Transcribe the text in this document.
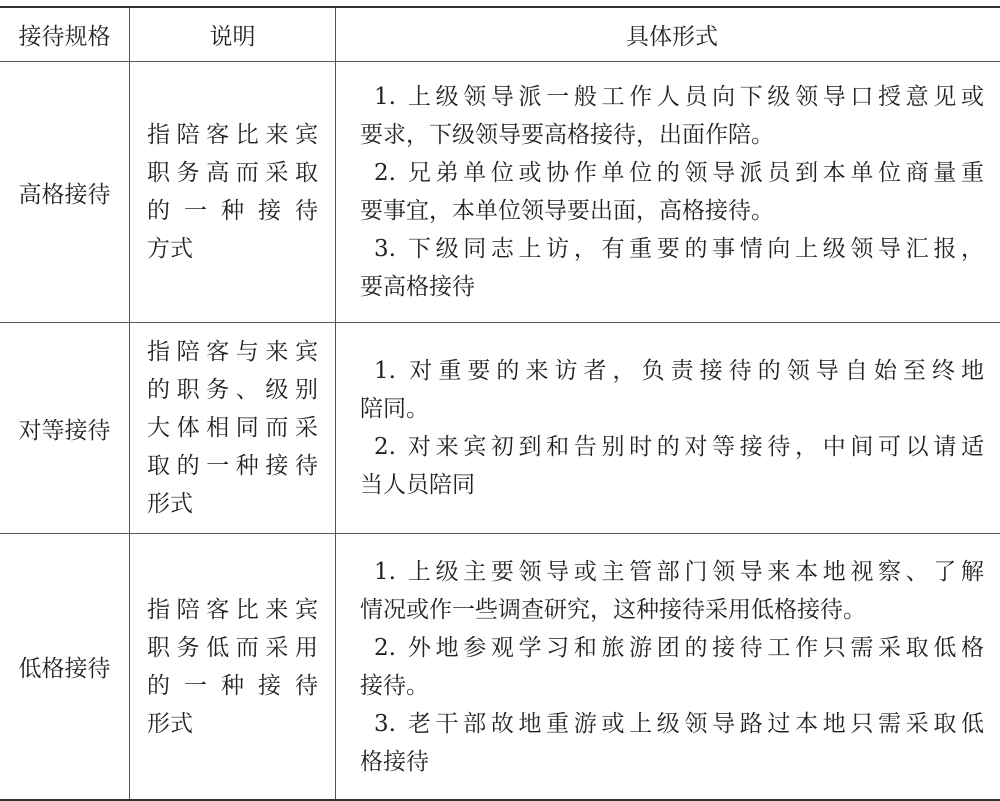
接待规格	说明	具体形式
高格接待
指陪客比来宾
职务高而采取
的一种接待
方式
1. 上级领导派一般工作人员向下级领导口授意见或
要求，下级领导要高格接待，出面作陪。
2. 兄弟单位或协作单位的领导派员到本单位商量重
要事宜，本单位领导要出面，高格接待。
3. 下级同志上访，有重要的事情向上级领导汇报，
要高格接待
对等接待
指陪客与来宾
的职务、级别
大体相同而采
取的一种接待
形式
1. 对重要的来访者，负责接待的领导自始至终地
陪同。
2. 对来宾初到和告别时的对等接待，中间可以请适
当人员陪同
低格接待
指陪客比来宾
职务低而采用
的一种接待
形式
1. 上级主要领导或主管部门领导来本地视察、了解
情况或作一些调查研究，这种接待采用低格接待。
2. 外地参观学习和旅游团的接待工作只需采取低格
接待。
3. 老干部故地重游或上级领导路过本地只需采取低
格接待
